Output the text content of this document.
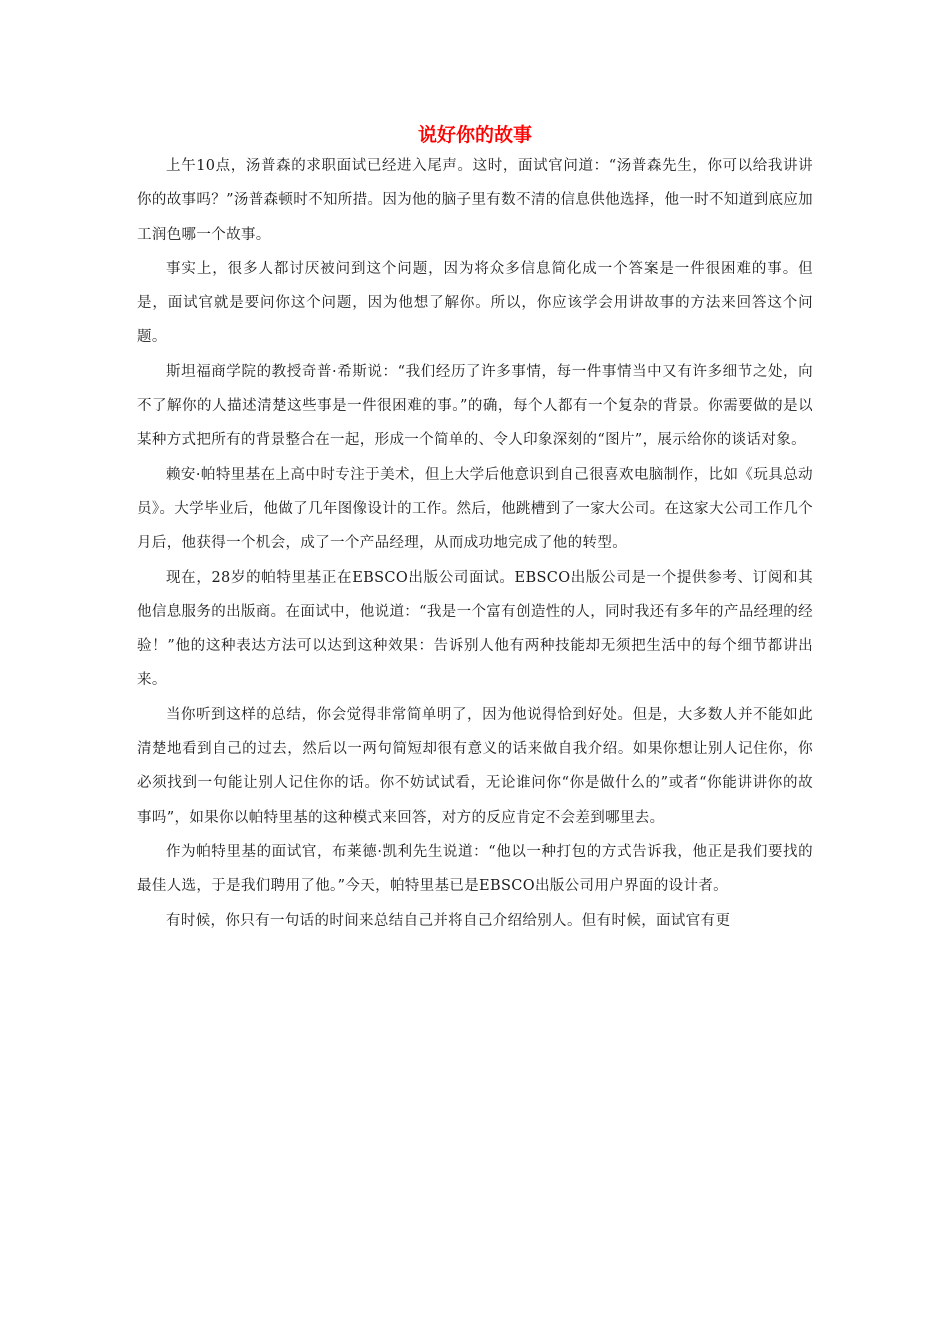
说好你的故事

上午10点，汤普森的求职面试已经进入尾声。这时，面试官问道：“汤普森先生，你可以给我讲讲你的故事吗？”汤普森顿时不知所措。因为他的脑子里有数不清的信息供他选择，他一时不知道到底应加工润色哪一个故事。

事实上，很多人都讨厌被问到这个问题，因为将众多信息简化成一个答案是一件很困难的事。但是，面试官就是要问你这个问题，因为他想了解你。所以，你应该学会用讲故事的方法来回答这个问题。

斯坦福商学院的教授奇普·希斯说：“我们经历了许多事情，每一件事情当中又有许多细节之处，向不了解你的人描述清楚这些事是一件很困难的事。”的确，每个人都有一个复杂的背景。你需要做的是以某种方式把所有的背景整合在一起，形成一个简单的、令人印象深刻的“图片”，展示给你的谈话对象。

赖安·帕特里基在上高中时专注于美术，但上大学后他意识到自己很喜欢电脑制作，比如《玩具总动员》。大学毕业后，他做了几年图像设计的工作。然后，他跳槽到了一家大公司。在这家大公司工作几个月后，他获得一个机会，成了一个产品经理，从而成功地完成了他的转型。

现在，28岁的帕特里基正在EBSCO出版公司面试。EBSCO出版公司是一个提供参考、订阅和其他信息服务的出版商。在面试中，他说道：“我是一个富有创造性的人，同时我还有多年的产品经理的经验！”他的这种表达方法可以达到这种效果：告诉别人他有两种技能却无须把生活中的每个细节都讲出来。

当你听到这样的总结，你会觉得非常简单明了，因为他说得恰到好处。但是，大多数人并不能如此清楚地看到自己的过去，然后以一两句简短却很有意义的话来做自我介绍。如果你想让别人记住你，你必须找到一句能让别人记住你的话。你不妨试试看，无论谁问你“你是做什么的”或者“你能讲讲你的故事吗”，如果你以帕特里基的这种模式来回答，对方的反应肯定不会差到哪里去。

作为帕特里基的面试官，布莱德·凯利先生说道：“他以一种打包的方式告诉我，他正是我们要找的最佳人选，于是我们聘用了他。”今天，帕特里基已是EBSCO出版公司用户界面的设计者。

有时候，你只有一句话的时间来总结自己并将自己介绍给别人。但有时候，面试官有更
